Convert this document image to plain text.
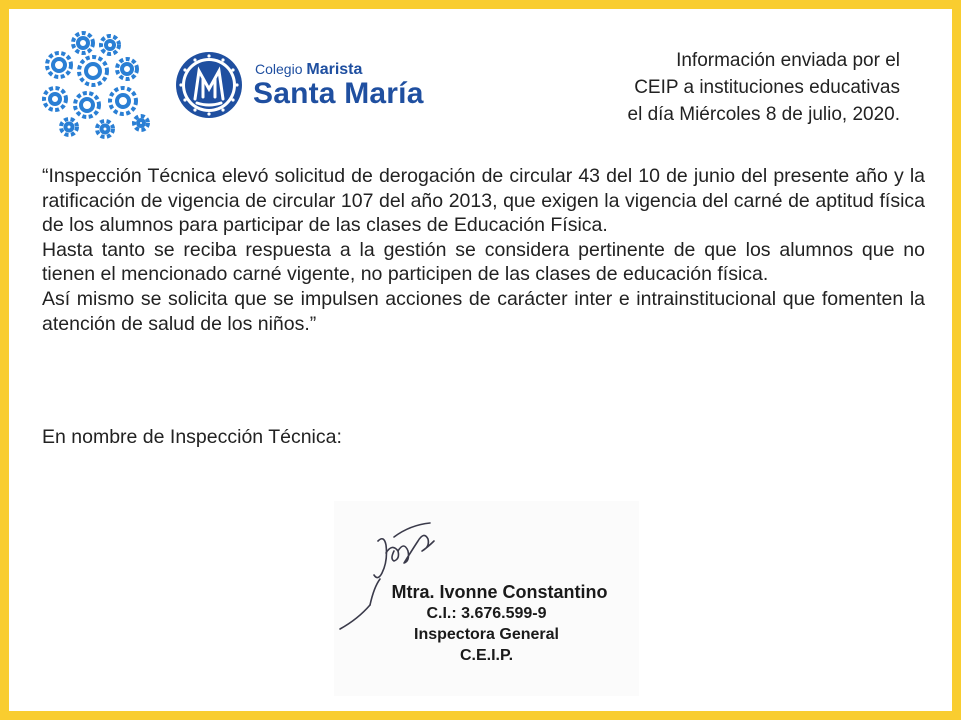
Colegio Marista
Santa María
Información enviada por el
CEIP a instituciones educativas
el día Miércoles 8 de julio, 2020.

“Inspección Técnica elevó solicitud de derogación de circular 43 del 10 de junio del presente año y la ratificación de vigencia de circular 107 del año 2013, que exigen la vigencia del carné de aptitud física de los alumnos para participar de las clases de Educación Física.

Hasta tanto se reciba respuesta a la gestión se considera pertinente de que los alumnos que no tienen el mencionado carné vigente, no participen de las clases de educación física.

Así mismo se solicita que se impulsen acciones de carácter inter e intrainstitucional que fomenten la atención de salud de los niños.”

En nombre de Inspección Técnica:
Mtra. Ivonne Constantino
C.I.: 3.676.599-9
Inspectora General
C.E.I.P.
